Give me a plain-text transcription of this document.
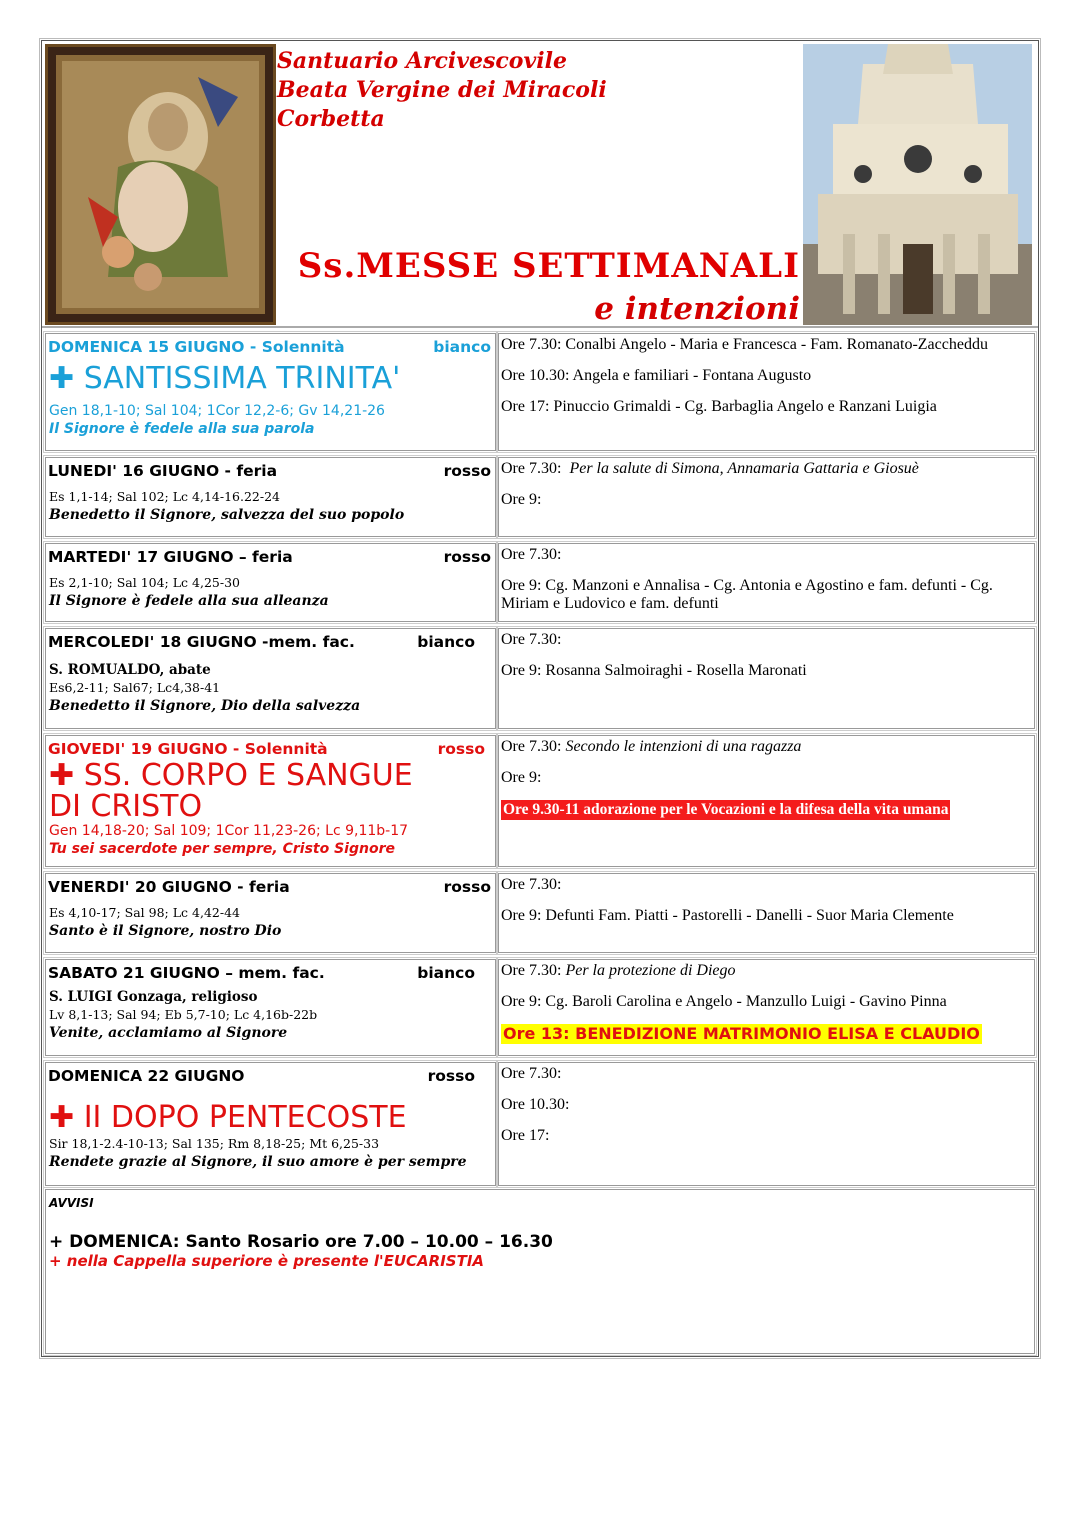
Santuario Arcivescovile
Beata Vergine dei Miracoli
Corbetta
Ss.MESSE SETTIMANALI
e intenzioni
DOMENICA 15 GIUGNO - Solennità	bianco
✚ SANTISSIMA TRINITA'
Gen 18,1-10; Sal 104; 1Cor 12,2-6; Gv 14,21-26
Il Signore è fedele alla sua parola
Ore 7.30: Conalbi Angelo - Maria e Francesca - Fam. Romanato-Zaccheddu
Ore 10.30: Angela e familiari - Fontana Augusto
Ore 17: Pinuccio Grimaldi - Cg. Barbaglia Angelo e Ranzani Luigia
LUNEDI' 16 GIUGNO - feria	rosso
Es 1,1-14; Sal 102; Lc 4,14-16.22-24
Benedetto il Signore, salvezza del suo popolo
Ore 7.30: Per la salute di Simona, Annamaria Gattaria e Giosuè
Ore 9:
MARTEDI' 17 GIUGNO – feria	rosso
Es 2,1-10; Sal 104; Lc 4,25-30
Il Signore è fedele alla sua alleanza
Ore 7.30:
Ore 9: Cg. Manzoni e Annalisa - Cg. Antonia e Agostino e fam. defunti - Cg. Miriam e Ludovico e fam. defunti
MERCOLEDI' 18 GIUGNO -mem. fac.	bianco
S. ROMUALDO, abate
Es6,2-11; Sal67; Lc4,38-41
Benedetto il Signore, Dio della salvezza
Ore 7.30:
Ore 9: Rosanna Salmoiraghi - Rosella Maronati
GIOVEDI' 19 GIUGNO - Solennità	rosso
✚ SS. CORPO E SANGUE
DI CRISTO
Gen 14,18-20; Sal 109; 1Cor 11,23-26; Lc 9,11b-17
Tu sei sacerdote per sempre, Cristo Signore
Ore 7.30: Secondo le intenzioni di una ragazza
Ore 9:
Ore 9.30-11 adorazione per le Vocazioni e la difesa della vita umana
VENERDI' 20 GIUGNO - feria	rosso
Es 4,10-17; Sal 98; Lc 4,42-44
Santo è il Signore, nostro Dio
Ore 7.30:
Ore 9: Defunti Fam. Piatti - Pastorelli - Danelli - Suor Maria Clemente
SABATO 21 GIUGNO – mem. fac.	bianco
S. LUIGI Gonzaga, religioso
Lv 8,1-13; Sal 94; Eb 5,7-10; Lc 4,16b-22b
Venite, acclamiamo al Signore
Ore 7.30: Per la protezione di Diego
Ore 9: Cg. Baroli Carolina e Angelo - Manzullo Luigi - Gavino Pinna
Ore 13: BENEDIZIONE MATRIMONIO ELISA E CLAUDIO
DOMENICA 22 GIUGNO	rosso
✚ II DOPO PENTECOSTE
Sir 18,1-2.4-10-13; Sal 135; Rm 8,18-25; Mt 6,25-33
Rendete grazie al Signore, il suo amore è per sempre
Ore 7.30:
Ore 10.30:
Ore 17:
AVVISI
+ DOMENICA: Santo Rosario ore 7.00 – 10.00 – 16.30
+ nella Cappella superiore è presente l'EUCARISTIA
